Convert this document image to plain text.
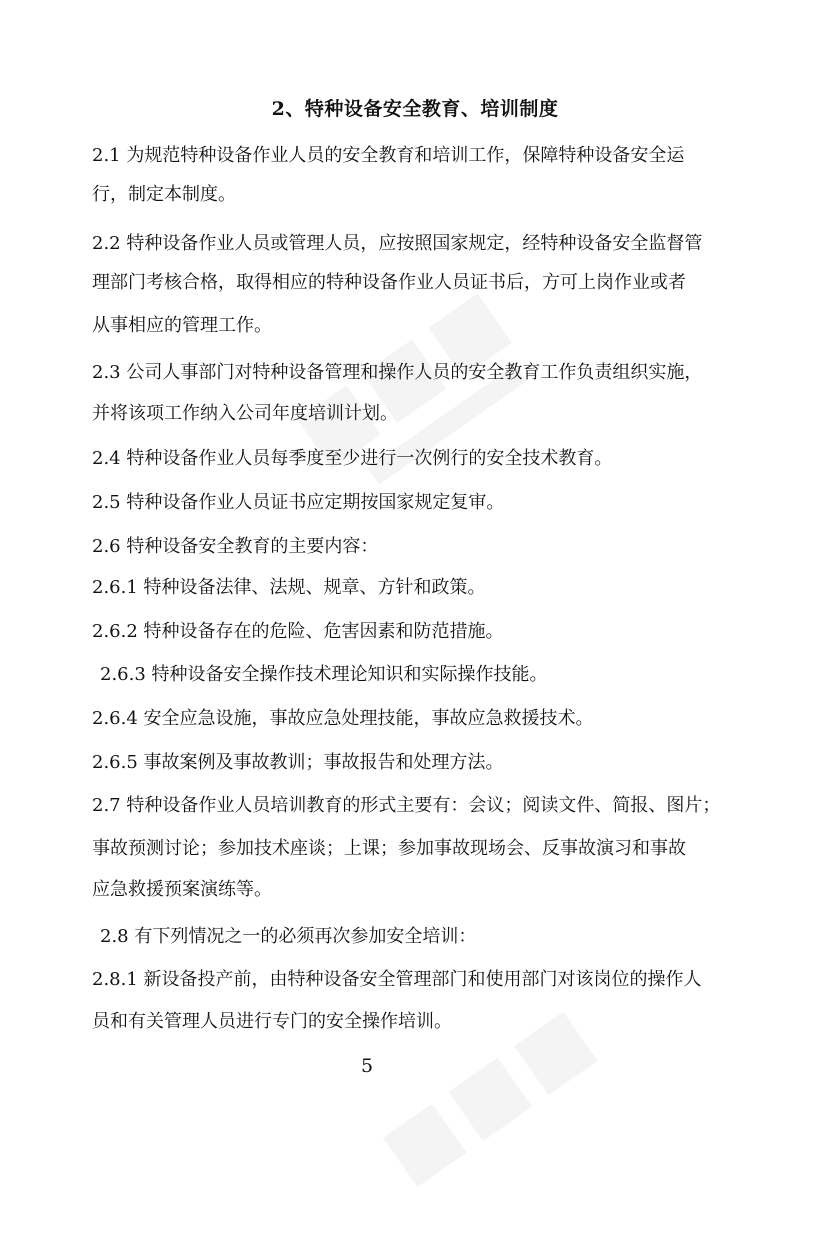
2、特种设备安全教育、培训制度
2.1 为规范特种设备作业人员的安全教育和培训工作，保障特种设备安全运
行，制定本制度。
2.2 特种设备作业人员或管理人员，应按照国家规定，经特种设备安全监督管
理部门考核合格，取得相应的特种设备作业人员证书后，方可上岗作业或者
从事相应的管理工作。
2.3 公司人事部门对特种设备管理和操作人员的安全教育工作负责组织实施，
并将该项工作纳入公司年度培训计划。
2.4 特种设备作业人员每季度至少进行一次例行的安全技术教育。
2.5 特种设备作业人员证书应定期按国家规定复审。
2.6 特种设备安全教育的主要内容：
2.6.1 特种设备法律、法规、规章、方针和政策。
2.6.2 特种设备存在的危险、危害因素和防范措施。
2.6.3 特种设备安全操作技术理论知识和实际操作技能。
2.6.4 安全应急设施，事故应急处理技能，事故应急救援技术。
2.6.5 事故案例及事故教训；事故报告和处理方法。
2.7 特种设备作业人员培训教育的形式主要有：会议；阅读文件、简报、图片；
事故预测讨论；参加技术座谈；上课；参加事故现场会、反事故演习和事故
应急救援预案演练等。
2.8 有下列情况之一的必须再次参加安全培训：
2.8.1 新设备投产前，由特种设备安全管理部门和使用部门对该岗位的操作人
员和有关管理人员进行专门的安全操作培训。
5
